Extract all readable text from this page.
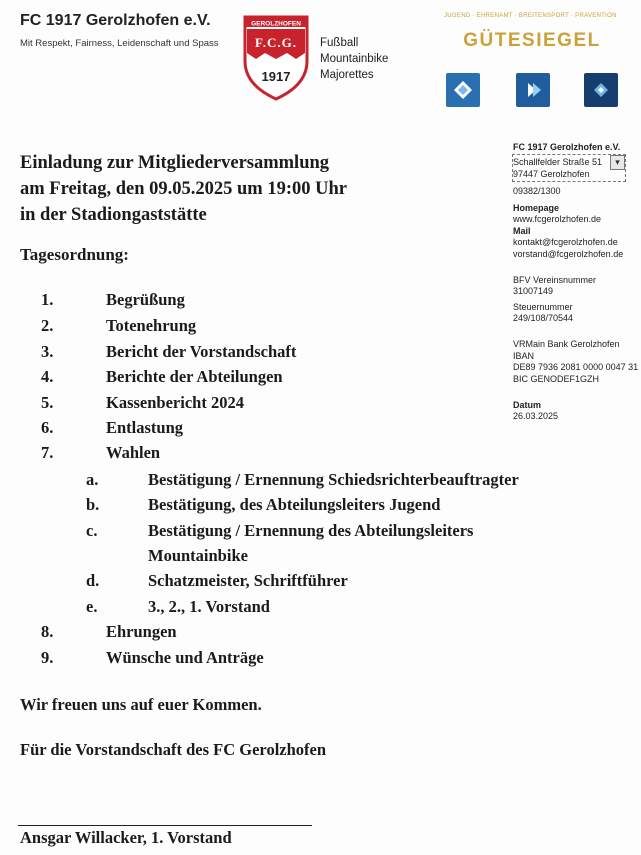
FC 1917 Gerolzhofen e.V.
Mit Respekt, Fairness, Leidenschaft und Spass
GEROLZHOFEN
F.C.G.
1917
Fußball
Mountainbike
Majorettes
JUGEND · EHRENAMT · BREITENSPORT · PRAVENTION
GÜTESIEGEL
Einladung zur Mitgliederversammlung
am Freitag, den 09.05.2025 um 19:00 Uhr
in der Stadiongaststätte
Tagesordnung:
1.	Begrüßung
2.	Totenehrung
3.	Bericht der Vorstandschaft
4.	Berichte der Abteilungen
5.	Kassenbericht 2024
6.	Entlastung
7.	Wahlen
a.	Bestätigung / Ernennung Schiedsrichterbeauftragter
b.	Bestätigung, des Abteilungsleiters Jugend
c.	Bestätigung / Ernennung des Abteilungsleiters
Mountainbike
d.	Schatzmeister, Schriftführer
e.	3., 2., 1. Vorstand
8.	Ehrungen
9.	Wünsche und Anträge
FC 1917 Gerolzhofen e.V.
Schallfelder Straße 51	▾
97447 Gerolzhofen
09382/1300
Homepage
www.fcgerolzhofen.de
Mail
kontakt@fcgerolzhofen.de
vorstand@fcgerolzhofen.de
BFV Vereinsnummer
31007149
Steuernummer
249/108/70544
VRMain Bank Gerolzhofen
IBAN
DE89 7936 2081 0000 0047 31
BIC GENODEF1GZH
Datum
26.03.2025
Wir freuen uns auf euer Kommen.
Für die Vorstandschaft des FC Gerolzhofen
Ansgar Willacker, 1. Vorstand
